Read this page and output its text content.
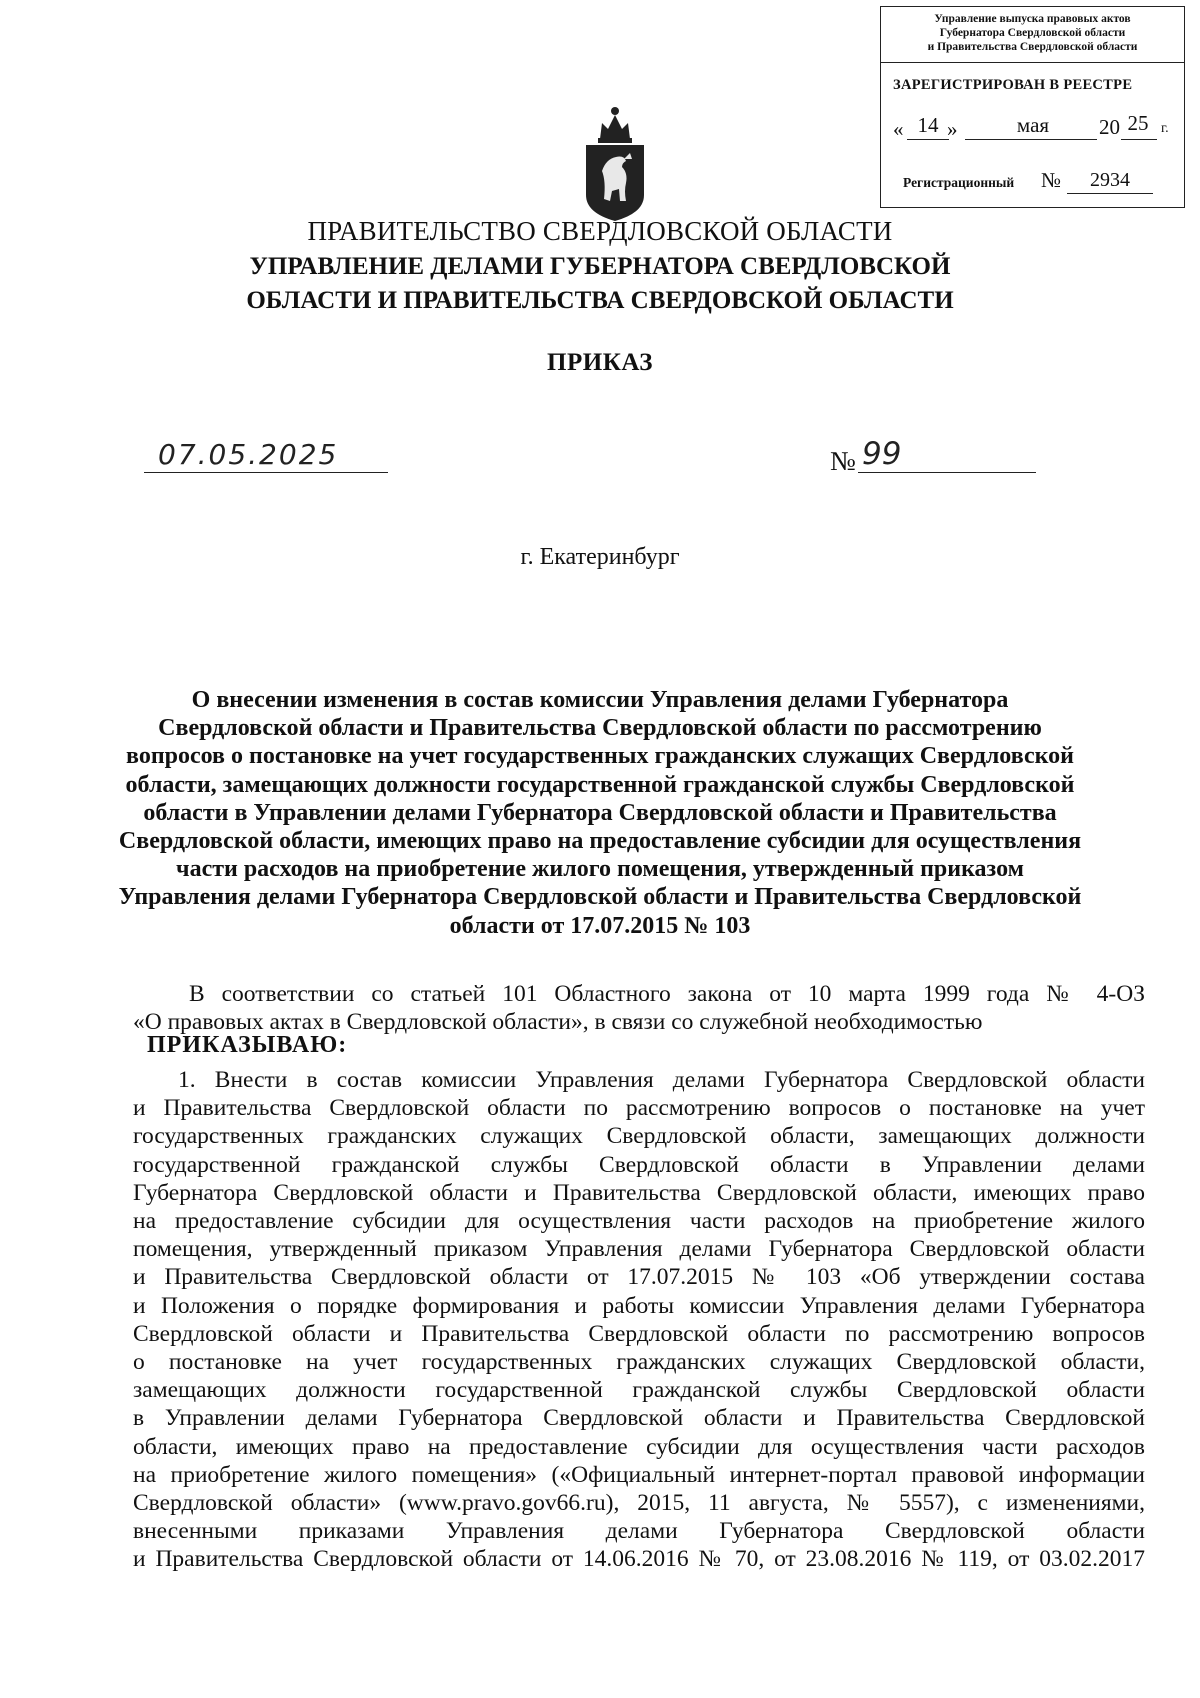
Управление выпуска правовых актов
Губернатора Свердловской области
и Правительства Свердловской области
ЗАРЕГИСТРИРОВАН В РЕЕСТРЕ
« 14 »	мая	20 25 г.
Регистрационный №	2934
ПРАВИТЕЛЬСТВО СВЕРДЛОВСКОЙ ОБЛАСТИ
УПРАВЛЕНИЕ ДЕЛАМИ ГУБЕРНАТОРА СВЕРДЛОВСКОЙ
ОБЛАСТИ И ПРАВИТЕЛЬСТВА СВЕРДОВСКОЙ ОБЛАСТИ
ПРИКАЗ
07.05.2025	№ 99
г. Екатеринбург
О внесении изменения в состав комиссии Управления делами Губернатора
Свердловской области и Правительства Свердловской области по рассмотрению
вопросов о постановке на учет государственных гражданских служащих Свердловской
области, замещающих должности государственной гражданской службы Свердловской
области в Управлении делами Губернатора Свердловской области и Правительства
Свердловской области, имеющих право на предоставление субсидии для осуществления
части расходов на приобретение жилого помещения, утвержденный приказом
Управления делами Губернатора Свердловской области и Правительства Свердловской
области от 17.07.2015 № 103
В соответствии со статьей 101 Областного закона от 10 марта 1999 года № 4-ОЗ
«О правовых актах в Свердловской области», в связи со служебной необходимостью
ПРИКАЗЫВАЮ:
1. Внести в состав комиссии Управления делами Губернатора Свердловской области
и Правительства Свердловской области по рассмотрению вопросов о постановке на учет
государственных гражданских служащих Свердловской области, замещающих должности
государственной гражданской службы Свердловской области в Управлении делами
Губернатора Свердловской области и Правительства Свердловской области, имеющих право
на предоставление субсидии для осуществления части расходов на приобретение жилого
помещения, утвержденный приказом Управления делами Губернатора Свердловской области
и Правительства Свердловской области от 17.07.2015 № 103 «Об утверждении состава
и Положения о порядке формирования и работы комиссии Управления делами Губернатора
Свердловской области и Правительства Свердловской области по рассмотрению вопросов
о постановке на учет государственных гражданских служащих Свердловской области,
замещающих должности государственной гражданской службы Свердловской области
в Управлении делами Губернатора Свердловской области и Правительства Свердловской
области, имеющих право на предоставление субсидии для осуществления части расходов
на приобретение жилого помещения» («Официальный интернет-портал правовой информации
Свердловской области» (www.pravo.gov66.ru), 2015, 11 августа, № 5557), с изменениями,
внесенными приказами Управления делами Губернатора Свердловской области
и Правительства Свердловской области от 14.06.2016 № 70, от 23.08.2016 № 119, от 03.02.2017
